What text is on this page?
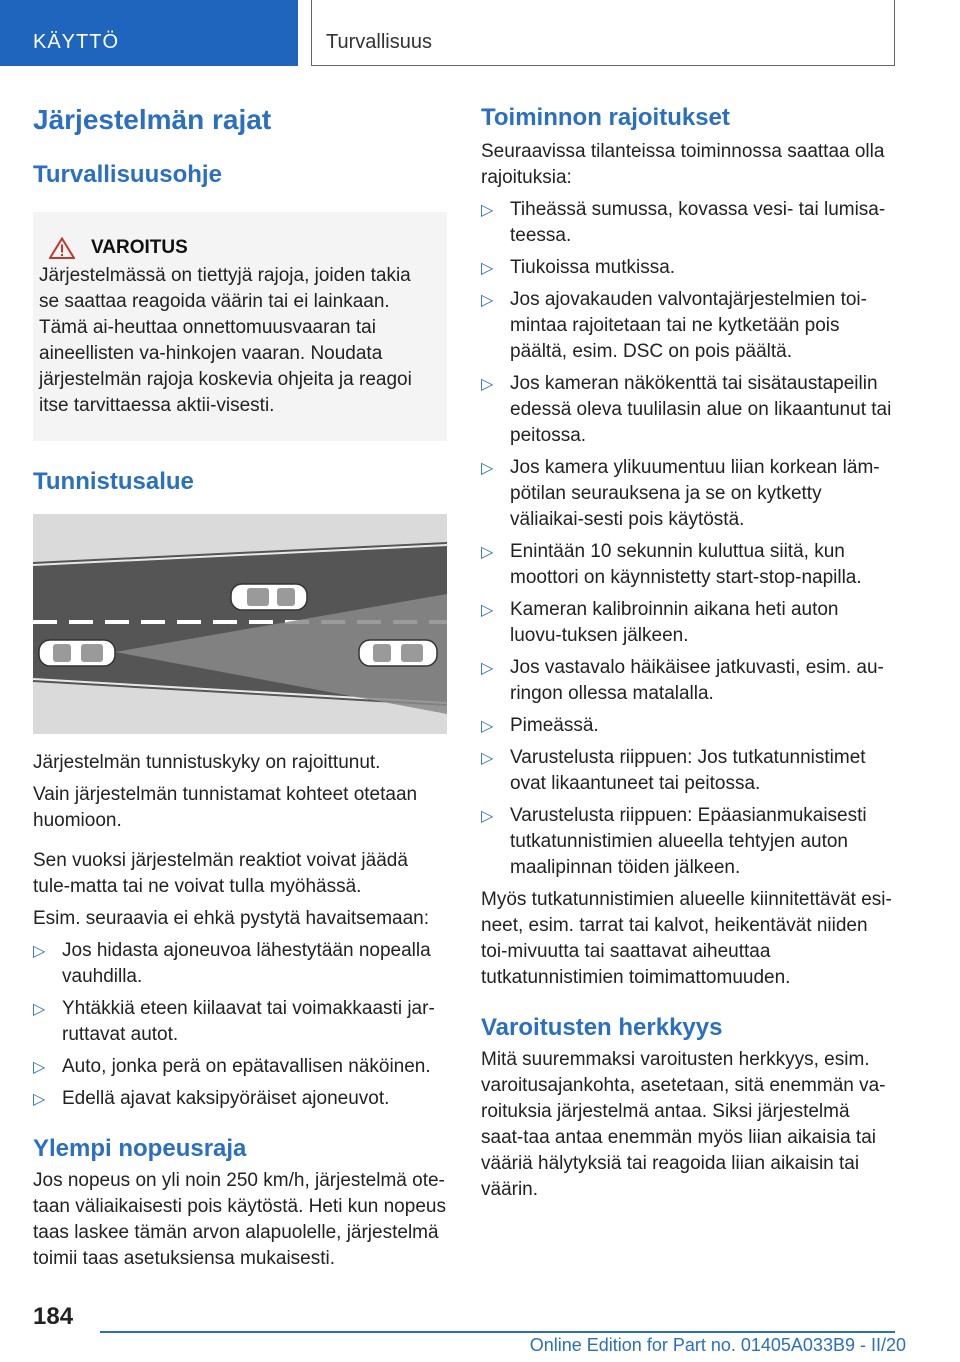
KÄYTTÖ	Turvallisuus
Järjestelmän rajat
Turvallisuusohje
VAROITUS
Järjestelmässä on tiettyjä rajoja, joiden takia se saattaa reagoida väärin tai ei lainkaan. Tämä ai-heuttaa onnettomuusvaaran tai aineellisten va-hinkojen vaaran. Noudata järjestelmän rajoja koskevia ohjeita ja reagoi itse tarvittaessa aktii-visesti.
Tunnistusalue

Järjestelmän tunnistuskyky on rajoittunut.

Vain järjestelmän tunnistamat kohteet otetaan huomioon.

Sen vuoksi järjestelmän reaktiot voivat jäädä tule-matta tai ne voivat tulla myöhässä.

Esim. seuraavia ei ehkä pystytä havaitsemaan:

▷ Jos hidasta ajoneuvoa lähestytään nopealla vauhdilla.
▷ Yhtäkkiä eteen kiilaavat tai voimakkaasti jar-ruttavat autot.
▷ Auto, jonka perä on epätavallisen näköinen.
▷ Edellä ajavat kaksipyöräiset ajoneuvot.
Ylempi nopeusraja

Jos nopeus on yli noin 250 km/h, järjestelmä ote-taan väliaikaisesti pois käytöstä. Heti kun nopeus taas laskee tämän arvon alapuolelle, järjestelmä toimii taas asetuksiensa mukaisesti.

Toiminnon rajoitukset

Seuraavissa tilanteissa toiminnossa saattaa olla rajoituksia:

▷ Tiheässä sumussa, kovassa vesi- tai lumisa-teessa.
▷ Tiukoissa mutkissa.
▷ Jos ajovakauden valvontajärjestelmien toi-mintaa rajoitetaan tai ne kytketään pois päältä, esim. DSC on pois päältä.
▷ Jos kameran näkökenttä tai sisätaustapeilin edessä oleva tuulilasin alue on likaantunut tai peitossa.
▷ Jos kamera ylikuumentuu liian korkean läm-pötilan seurauksena ja se on kytketty väliaikai-sesti pois käytöstä.
▷ Enintään 10 sekunnin kuluttua siitä, kun moottori on käynnistetty start-stop-napilla.
▷ Kameran kalibroinnin aikana heti auton luovu-tuksen jälkeen.
▷ Jos vastavalo häikäisee jatkuvasti, esim. au-ringon ollessa matalalla.
▷ Pimeässä.
▷ Varustelusta riippuen: Jos tutkatunnistimet ovat likaantuneet tai peitossa.
▷ Varustelusta riippuen: Epäasianmukaisesti tutkatunnistimien alueella tehtyjen auton maalipinnan töiden jälkeen.

Myös tutkatunnistimien alueelle kiinnitettävät esi-neet, esim. tarrat tai kalvot, heikentävät niiden toi-mivuutta tai saattavat aiheuttaa tutkatunnistimien toimimattomuuden.

Varoitusten herkkyys

Mitä suuremmaksi varoitusten herkkyys, esim. varoitusajankohta, asetetaan, sitä enemmän va-roituksia järjestelmä antaa. Siksi järjestelmä saat-taa antaa enemmän myös liian aikaisia tai vääriä hälytyksiä tai reagoida liian aikaisin tai väärin.

184
Online Edition for Part no. 01405A033B9 - II/20
